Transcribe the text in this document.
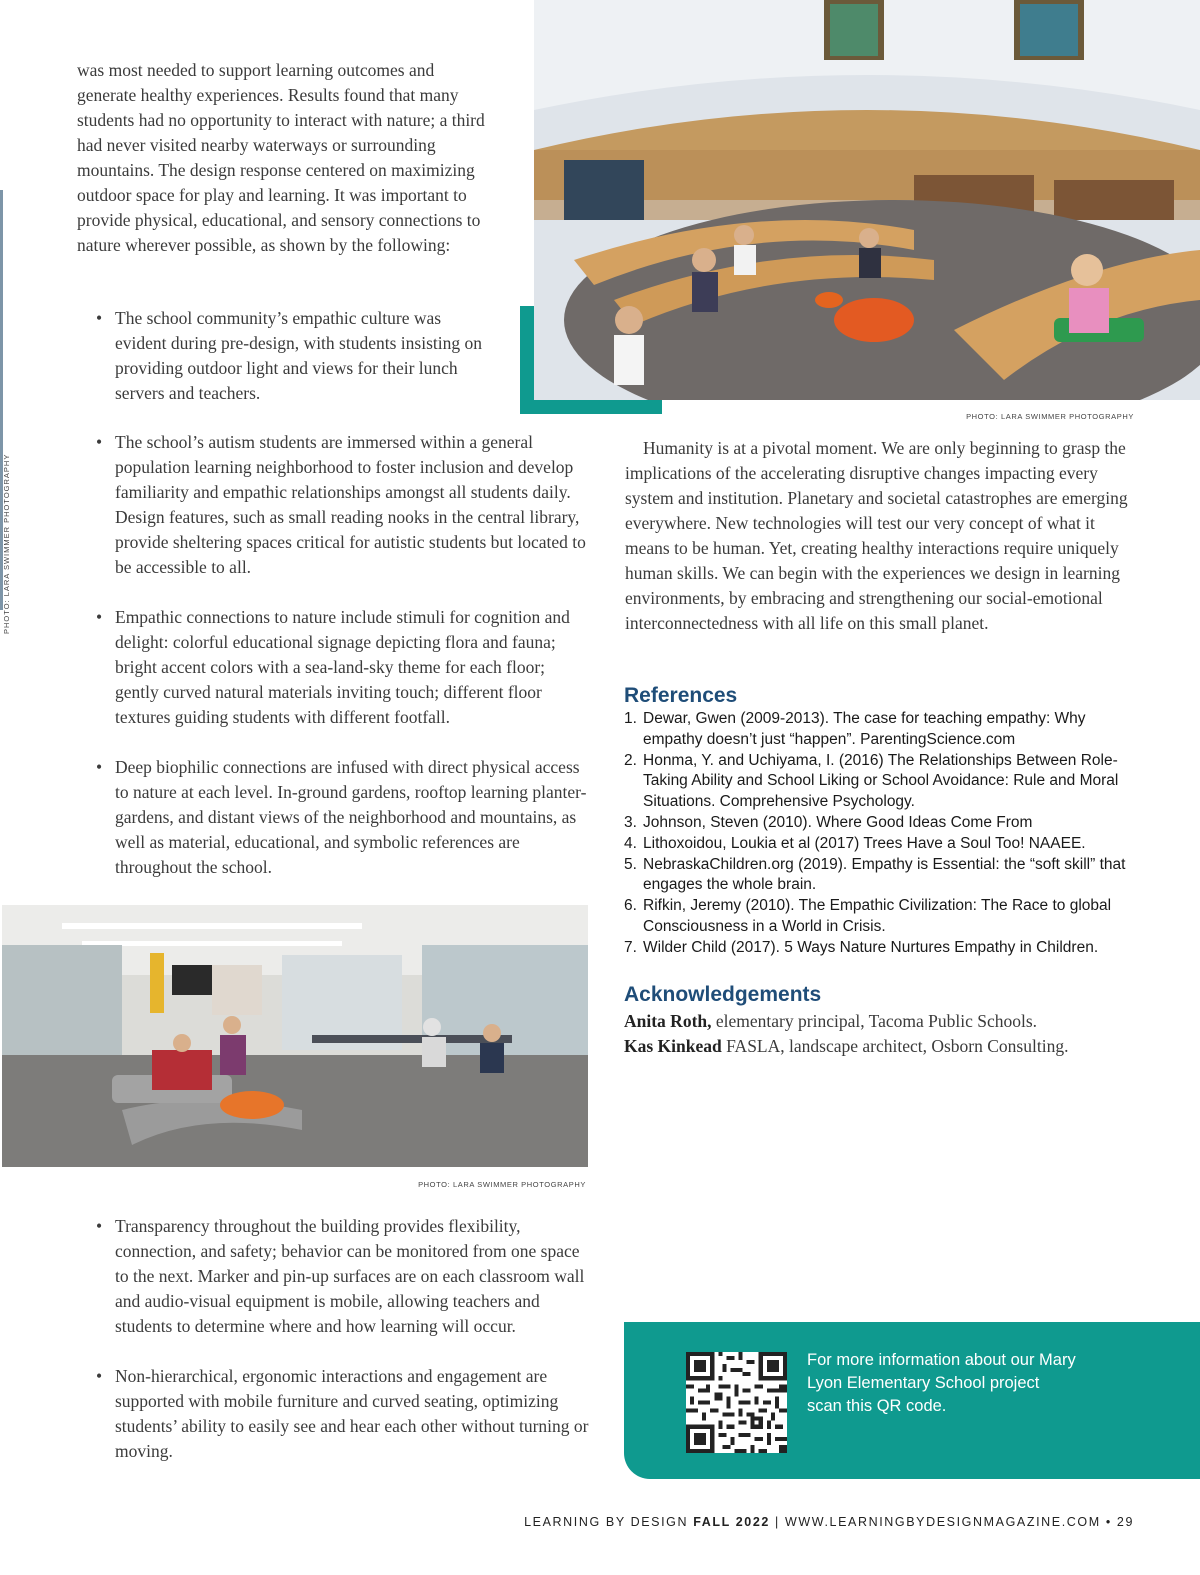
PHOTO: LARA SWIMMER PHOTOGRAPHY

was most needed to support learning outcomes and generate healthy experiences. Results found that many students had no opportunity to interact with nature; a third had never visited nearby waterways or surrounding mountains. The design response centered on maximizing outdoor space for play and learning. It was important to provide physical, educational, and sensory connections to nature wherever possible, as shown by the following:

• The school community’s empathic culture was evident during pre-design, with students insisting on providing outdoor light and views for their lunch servers and teachers.
PHOTO: LARA SWIMMER PHOTOGRAPHY
• The school’s autism students are immersed within a general population learning neighborhood to foster inclusion and develop familiarity and empathic relationships amongst all students daily. Design features, such as small reading nooks in the central library, provide sheltering spaces critical for autistic students but located to be accessible to all.
• Empathic connections to nature include stimuli for cognition and delight: colorful educational signage depicting flora and fauna; bright accent colors with a sea-land-sky theme for each floor; gently curved natural materials inviting touch; different floor textures guiding students with different footfall.
• Deep biophilic connections are infused with direct physical access to nature at each level. In-ground gardens, rooftop learning planter-gardens, and distant views of the neighborhood and mountains, as well as material, educational, and symbolic references are throughout the school.

Humanity is at a pivotal moment. We are only beginning to grasp the implications of the accelerating disruptive changes impacting every system and institution. Planetary and societal catastrophes are emerging everywhere. New technologies will test our very concept of what it means to be human. Yet, creating healthy interactions require uniquely human skills. We can begin with the experiences we design in learning environments, by embracing and strengthening our social-emotional interconnectedness with all life on this small planet.

References
1. Dewar, Gwen (2009-2013). The case for teaching empathy: Why empathy doesn’t just “happen”. ParentingScience.com
2. Honma, Y. and Uchiyama, I. (2016) The Relationships Between Role-Taking Ability and School Liking or School Avoidance: Rule and Moral Situations. Comprehensive Psychology.
3. Johnson, Steven (2010). Where Good Ideas Come From
4. Lithoxoidou, Loukia et al (2017) Trees Have a Soul Too! NAAEE.
5. NebraskaChildren.org (2019). Empathy is Essential: the “soft skill” that engages the whole brain.
6. Rifkin, Jeremy (2010). The Empathic Civilization: The Race to global Consciousness in a World in Crisis.
7. Wilder Child (2017). 5 Ways Nature Nurtures Empathy in Children.
Acknowledgements
Anita Roth, elementary principal, Tacoma Public Schools.
Kas Kinkead FASLA, landscape architect, Osborn Consulting.
PHOTO: LARA SWIMMER PHOTOGRAPHY
• Transparency throughout the building provides flexibility, connection, and safety; behavior can be monitored from one space to the next. Marker and pin-up surfaces are on each classroom wall and audio-visual equipment is mobile, allowing teachers and students to determine where and how learning will occur.
• Non-hierarchical, ergonomic interactions and engagement are supported with mobile furniture and curved seating, optimizing students’ ability to easily see and hear each other without turning or moving.

For more information about our Mary Lyon Elementary School project scan this QR code.

LEARNING BY DESIGN FALL 2022 | WWW.LEARNINGBYDESIGNMAGAZINE.COM • 29
